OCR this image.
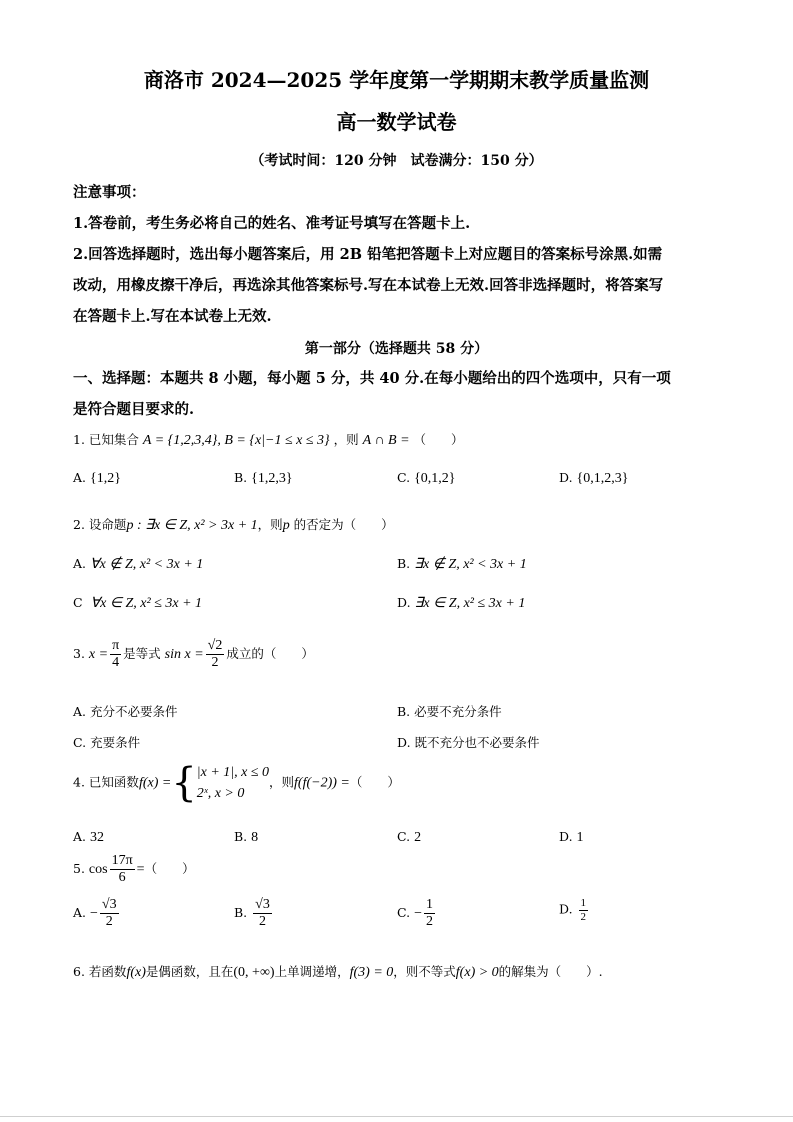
商洛市 2024—2025 学年度第一学期期末教学质量监测
高一数学试卷
（考试时间：120 分钟　试卷满分：150 分）
注意事项：
1.答卷前，考生务必将自己的姓名、准考证号填写在答题卡上.
2.回答选择题时，选出每小题答案后，用 2B 铅笔把答题卡上对应题目的答案标号涂黑.如需
改动，用橡皮擦干净后，再选涂其他答案标号.写在本试卷上无效.回答非选择题时，将答案写
在答题卡上.写在本试卷上无效.
第一部分（选择题共 58 分）
一、选择题：本题共 8 小题，每小题 5 分，共 40 分.在每小题给出的四个选项中，只有一项
是符合题目要求的.
1. 已知集合 A = {1,2,3,4}, B = {x|−1 ≤ x ≤ 3} ，则 A ∩ B = （　　）
A. {1,2}	B. {1,2,3}	C. {0,1,2}	D. {0,1,2,3}
2. 设命题p : ∃x ∈ Z, x² > 3x + 1，则p 的否定为（　　）
A. ∀x ∉ Z, x² < 3x + 1	B. ∃x ∉ Z, x² < 3x + 1
C ∀x ∈ Z, x² ≤ 3x + 1	D. ∃x ∈ Z, x² ≤ 3x + 1
3. $x = \frac{\pi}{4}$ 是等式 $\sin x = \frac{√2}{2}$ 成立的（　　）
A. 充分不必要条件	B. 必要不充分条件
C. 充要条件	D. 既不充分也不必要条件
4. 已知函数f(x) ={|x + 1|, x ≤ 0
2ˣ, x > 0，则f(f(−2)) =（　　）
A. 32	B. 8	C. 2	D. 1
5. $\cos \frac{17\pi}{6}$ =（　　）
A. − $\frac{√3}{2}$	B. $\frac{√3}{2}$	C. − $\frac{1}{2}$	D. $\frac{1}{2}$
6. 若函数f(x)是偶函数，且在(0, +∞)上单调递增，f(3) = 0，则不等式f(x) > 0的解集为（　　）.
